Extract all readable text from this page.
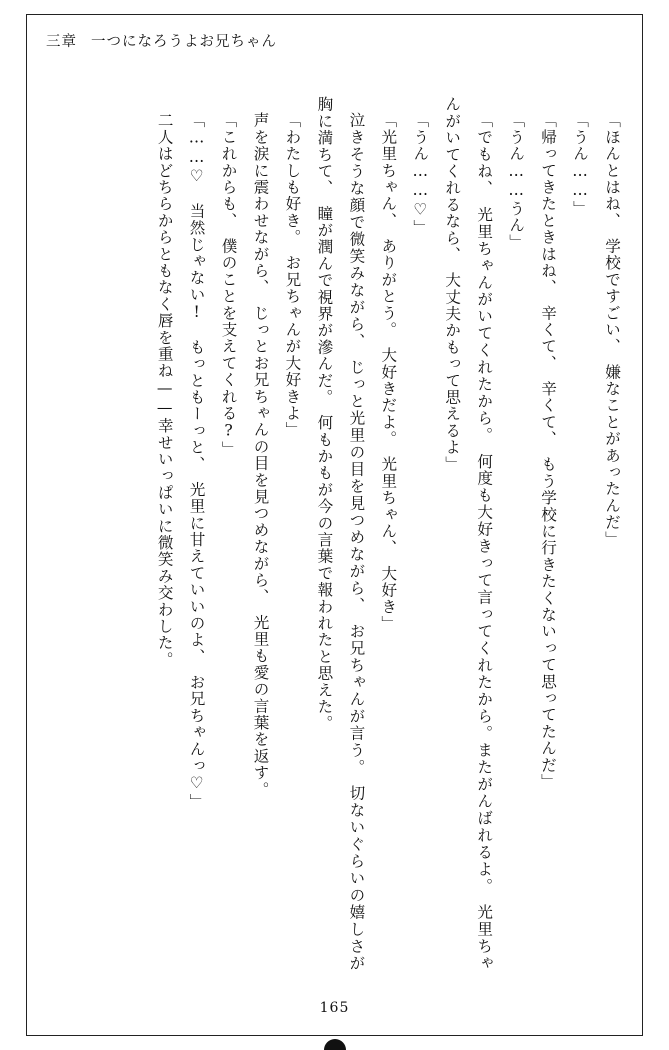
三章 一つになろうよお兄ちゃん

「ほんとはね、　学校ですごい、　嫌なことがあったんだ」

「うん……」

「帰ってきたときはね、　辛くて、　辛くて、　もう学校に行きたくないって思ってたんだ」

「うん……うん」

「でもね、　光里ちゃんがいてくれたから。　何度も大好きって言ってくれたから。またがんばれるよ。　光里ちゃんがいてくれるなら、　大丈夫かもって思えるよ」

「うん……♡」

「光里ちゃん、　ありがとう。　大好きだよ。　光里ちゃん、　大好き」

泣きそうな顔で微笑みながら、　じっと光里の目を見つめながら、　お兄ちゃんが言う。　切ないぐらいの嬉しさが胸に満ちて、　瞳が潤んで視界が滲んだ。　何もかもが今の言葉で報われたと思えた。

「わたしも好き。　お兄ちゃんが大好きよ」

声を涙に震わせながら、　じっとお兄ちゃんの目を見つめながら、　光里も愛の言葉を返す。

「これからも、　僕のことを支えてくれる?」

「……♡　当然じゃない!　もっともーっと、　光里に甘えていいのよ、　お兄ちゃんっ♡」

二人はどちらからともなく唇を重ね——幸せいっぱいに微笑み交わした。

165
